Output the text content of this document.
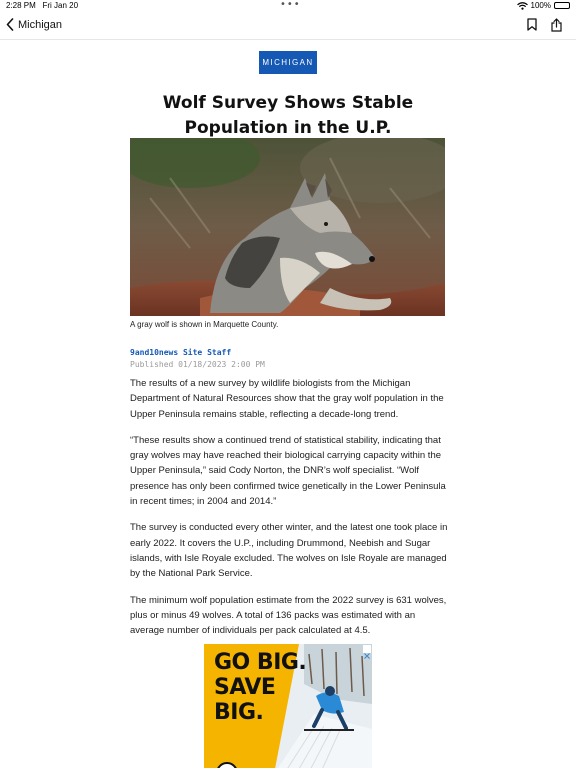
2:28 PM Fri Jan 20	•••	100%
Michigan
MICHIGAN
Wolf Survey Shows Stable Population in the U.P.
A gray wolf is shown in Marquette County.
9and10news Site Staff
Published 01/18/2023 2:00 PM

The results of a new survey by wildlife biologists from the Michigan Department of Natural Resources show that the gray wolf population in the Upper Peninsula remains stable, reflecting a decade-long trend.

“These results show a continued trend of statistical stability, indicating that gray wolves may have reached their biological carrying capacity within the Upper Peninsula,” said Cody Norton, the DNR’s wolf specialist. “Wolf presence has only been confirmed twice genetically in the Lower Peninsula in recent times; in 2004 and 2014.”

The survey is conducted every other winter, and the latest one took place in early 2022. It covers the U.P., including Drummond, Neebish and Sugar islands, with Isle Royale excluded. The wolves on Isle Royale are managed by the National Park Service.

The minimum wolf population estimate from the 2022 survey is 631 wolves, plus or minus 49 wolves. A total of 136 packs was estimated with an average number of individuals per pack calculated at 4.5.

GO BIG.
SAVE
BIG.
